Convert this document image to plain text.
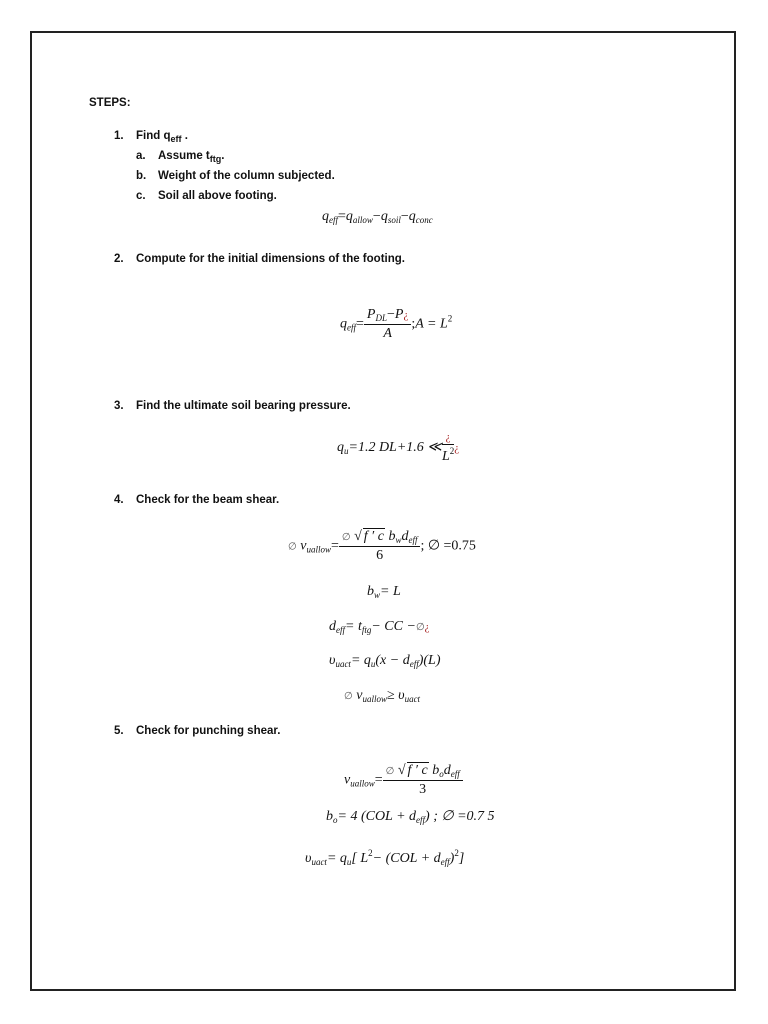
STEPS:
1. Find $q_{eff}$ .
a. Assume $t_{ftg}$.
b. Weight of the column subjected.
c. Soil all above footing.
$q_{eff}=q_{allow}-q_{soil}-q_{conc}$
2. Compute for the initial dimensions of the footing.
$q_{eff}= \frac{P_{DL}-P¿}{A}$ ;A = $L^2$
3. Find the ultimate soil bearing pressure.
$q_u=1.2$ DL+1.6 ≪ $\frac{¿}{L^2}$ ¿
4. Check for the beam shear.
∅ $v_{uallow}= \frac{\emptyset √ f ' c b_wd_{eff}}{6}$ ; ∅ =0.75
$b_w= L$
$d_{eff}= t_{ftg}-$ CC −∅¿
$\upsilon_{uact}= q_u(x - d_{eff})(L)$
∅ $v_{uallow}\ge \upsilon_{uact}$
5. Check for punching shear.
$v_{uallow}= \frac{\emptyset √ f ' c b_od_{eff}}{3}$
$b_o= 4$ $(COL + d_{eff})$ ; ∅ =0.7 5
$\upsilon_{uact}= q_u$[ $L^2- (COL + d_{eff})^2$]
